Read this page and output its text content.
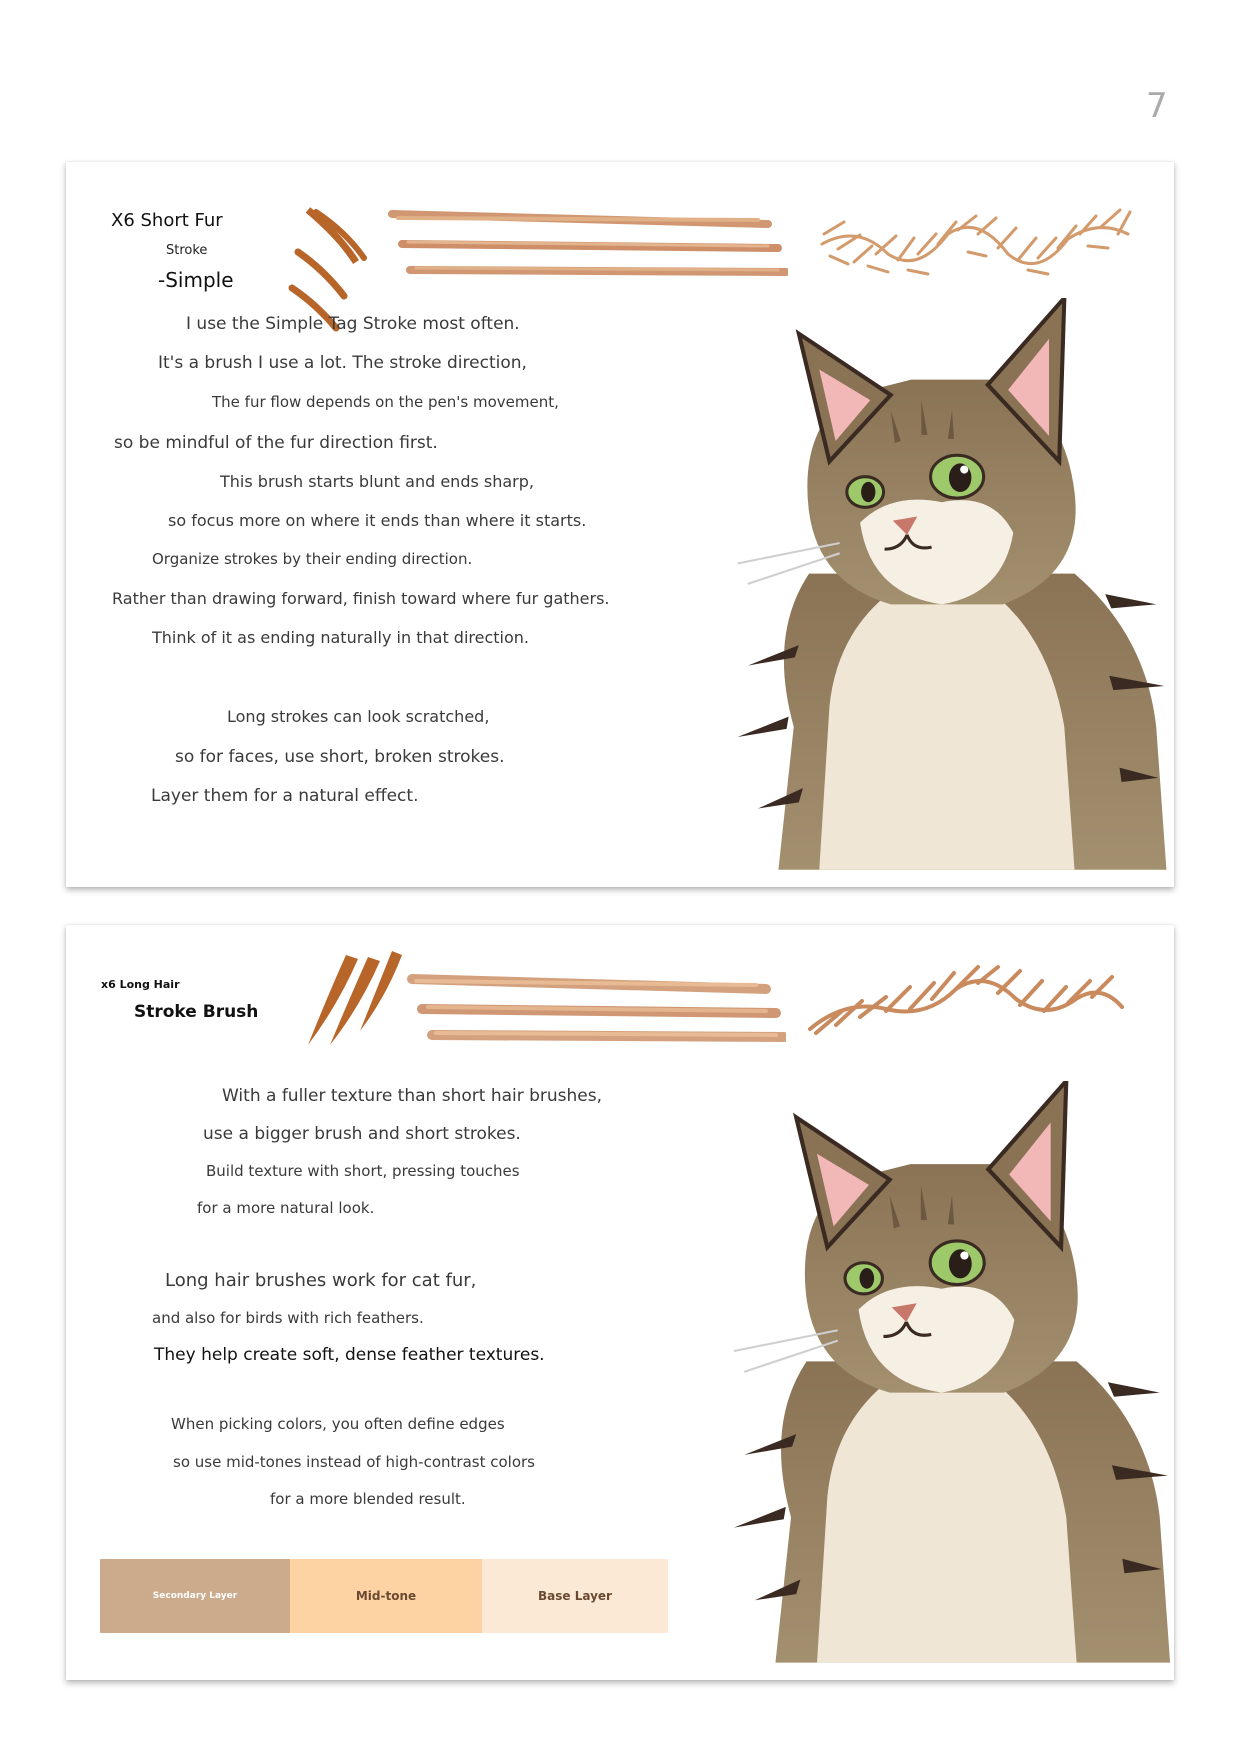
7
X6 Short Fur
Stroke
-Simple
I use the Simple Tag Stroke most often.
It's a brush I use a lot. The stroke direction,
The fur flow depends on the pen's movement,
so be mindful of the fur direction first.
This brush starts blunt and ends sharp,
so focus more on where it ends than where it starts.
Organize strokes by their ending direction.
Rather than drawing forward, finish toward where fur gathers.
Think of it as ending naturally in that direction.
Long strokes can look scratched,
so for faces, use short, broken strokes.
Layer them for a natural effect.
x6 Long Hair
Stroke Brush
With a fuller texture than short hair brushes,
use a bigger brush and short strokes.
Build texture with short, pressing touches
for a more natural look.
Long hair brushes work for cat fur,
and also for birds with rich feathers.
They help create soft, dense feather textures.
When picking colors, you often define edges
so use mid-tones instead of high-contrast colors
for a more blended result.
Secondary Layer	Mid-tone	Base Layer
